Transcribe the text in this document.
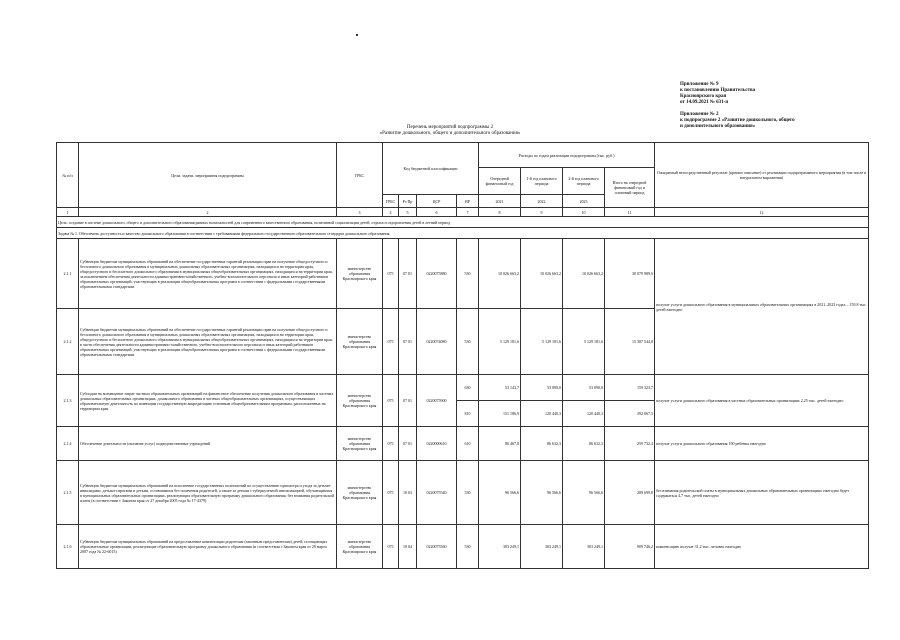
Приложение № 9
к постановлению Правительства
Красноярского края
от 14.09.2021 № 631-п
Приложение № 2
к подпрограмме 2 «Развитие дошкольного, общего
и дополнительного образования»
Перечень мероприятий подпрограммы 2
«Развитие дошкольного, общего и дополнительного образования»
№ п/п	Цели, задачи, мероприятия подпрограммы	ГРБС	Код бюджетной классификации				Расходы по годам реализации подпрограммы (тыс. руб.)				Ожидаемый непосредственный результат (краткое описание) от реализации подпрограммного мероприятия (в том числе в натуральном выражении)
							Очередной финансовый год	1-й год планового периода	2-й год планового периода	Итого на очередной финансовый год и плановый период	
			ГРБС	Рз Пр	ЦСР	ВР	2021	2022	2023		
1	2	3	4	5	6	7	8	9	10	11	12
Цель: создание в системе дошкольного, общего и дополнительного образования равных возможностей для современного качественного образования, позитивной социализации детей, отдыха и оздоровления детей в летний период											
Задача № 1. Обеспечить доступность и качество дошкольного образования в соответствии с требованиями федерального государственного образовательного стандарта дошкольного образования											
2.1.1	Субвенции бюджетам муниципальных образований на обеспечение государственных гарантий реализации прав на получение общедоступного и бесплатного дошкольного образования в муниципальных дошкольных образовательных организациях, находящихся на территории края, общедоступного и бесплатного дошкольного образования в муниципальных общеобразовательных организациях, находящихся на территории края, за исключением обеспечения деятельности административно-хозяйственного, учебно-вспомогательного персонала и иных категорий работников образовательных организаций, участвующих в реализации общеобразовательных программ в соответствии с федеральными государственными образовательными стандартами	министерство образования Красноярского края	075	07 01	0220075880	530	10 026 663,2	10 026 663,2	10 026 663,2	30 079 989,6	получат услуги дошкольного образования в муниципальных образовательных организациях в 2021–2023 годах – 159,8 тыс. детей ежегодно
2.1.2	Субвенции бюджетам муниципальных образований на обеспечение государственных гарантий реализации прав на получение общедоступного и бесплатного дошкольного образования в муниципальных дошкольных образовательных организациях, находящихся на территории края, общедоступного и бесплатного дошкольного образования в муниципальных общеобразовательных организациях, находящихся на территории края, в части обеспечения деятельности административно-хозяйственного, учебно-вспомогательного персонала и иных категорий работников образовательных организаций, участвующих в реализации общеобразовательных программ в соответствии с федеральными государственными образовательными стандартами	министерство образования Красноярского края	075	07 01	0220074080	530	5 129 181,6	5 129 181,6	5 129 181,6	15 387 544,8	
2.1.3	Субсидии на возмещение затрат частных образовательных организаций на финансовое обеспечение получения дошкольного образования в частных дошкольных образовательных организациях, дошкольного образования в частных общеобразовательных организациях, осуществляющих образовательную деятельность по имеющим государственную аккредитацию основным общеобразовательным программам, расположенных на территории края	министерство образования Красноярского края	075	07 01	0220075900	630	53 143,7	53 090,0	53 090,0	159 323,7	получат услуги дошкольного образования в частных образовательных организациях 2,25 тыс. детей ежегодно
						810	151 186,9	120 440,3	120 440,3	392 067,5	
2.1.4	Обеспечение деятельности (оказание услуг) подведомственных учреждений	министерство образования Красноярского края	075	07 01	0220000610	610	86 467,8	86 632,3	86 632,3	259 732,4	получат услуги дошкольного образования 190 ребенка ежегодно
2.1.5	Субвенции бюджетам муниципальных образований на исполнение государственных полномочий по осуществлению присмотра и ухода за детьми-инвалидами, детьми-сиротами и детьми, оставшимися без попечения родителей, а также за детьми с туберкулезной интоксикацией, обучающимися в муниципальных образовательных организациях, реализующих образовательную программу дошкольного образования, без взимания родительской платы (в соответствии с Законом края от 27 декабря 2005 года № 17-4379)	министерство образования Красноярского края	075	10 03	0220075540	530	96 566,6	96 566,6	96 566,6	289 699,8	без взимания родительской платы в муниципальных дошкольных образовательных организациях ежегодно будет содержаться 4,7 тыс. детей ежегодно
2.1.6	Субвенции бюджетам муниципальных образований на предоставление компенсации родителям (законным представителям) детей, посещающих образовательные организации, реализующие образовательную программу дошкольного образования (в соответствии с Законом края от 29 марта 2007 года № 22-6015)	министерство образования Красноярского края	075	10 04	0220075560	530	303 249,1	303 249,1	303 249,1	909 746,2	компенсацию получат 31,2 тыс. человек ежегодно
